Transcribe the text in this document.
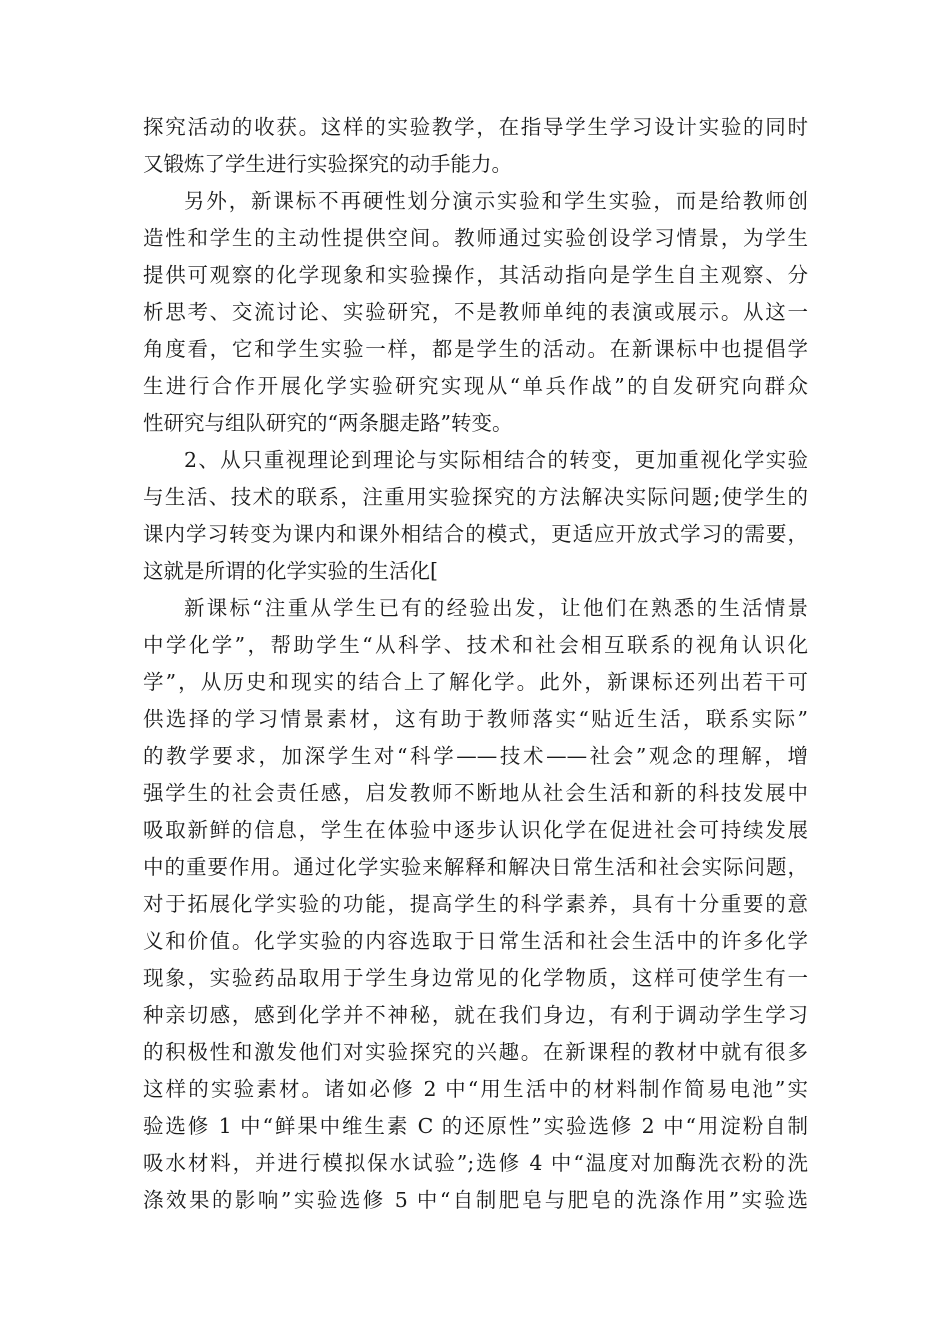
探究活动的收获。这样的实验教学，在指导学生学习设计实验的同时
又锻炼了学生进行实验探究的动手能力。
另外，新课标不再硬性划分演示实验和学生实验，而是给教师创
造性和学生的主动性提供空间。教师通过实验创设学习情景，为学生
提供可观察的化学现象和实验操作，其活动指向是学生自主观察、分
析思考、交流讨论、实验研究，不是教师单纯的表演或展示。从这一
角度看，它和学生实验一样，都是学生的活动。在新课标中也提倡学
生进行合作开展化学实验研究实现从“单兵作战”的自发研究向群众
性研究与组队研究的“两条腿走路”转变。
2、从只重视理论到理论与实际相结合的转变，更加重视化学实验
与生活、技术的联系，注重用实验探究的方法解决实际问题;使学生的
课内学习转变为课内和课外相结合的模式，更适应开放式学习的需要，
这就是所谓的化学实验的生活化[
新课标“注重从学生已有的经验出发，让他们在熟悉的生活情景
中学化学”，帮助学生“从科学、技术和社会相互联系的视角认识化
学”，从历史和现实的结合上了解化学。此外，新课标还列出若干可
供选择的学习情景素材，这有助于教师落实“贴近生活，联系实际”
的教学要求，加深学生对“科学——技术——社会”观念的理解，增
强学生的社会责任感，启发教师不断地从社会生活和新的科技发展中
吸取新鲜的信息，学生在体验中逐步认识化学在促进社会可持续发展
中的重要作用。通过化学实验来解释和解决日常生活和社会实际问题，
对于拓展化学实验的功能，提高学生的科学素养，具有十分重要的意
义和价值。化学实验的内容选取于日常生活和社会生活中的许多化学
现象，实验药品取用于学生身边常见的化学物质，这样可使学生有一
种亲切感，感到化学并不神秘，就在我们身边，有利于调动学生学习
的积极性和激发他们对实验探究的兴趣。在新课程的教材中就有很多
这样的实验素材。诸如必修 2 中“用生活中的材料制作简易电池”实
验选修 1 中“鲜果中维生素 C 的还原性”实验选修 2 中“用淀粉自制
吸水材料，并进行模拟保水试验”;选修 4 中“温度对加酶洗衣粉的洗
涤效果的影响”实验选修 5 中“自制肥皂与肥皂的洗涤作用”实验选
